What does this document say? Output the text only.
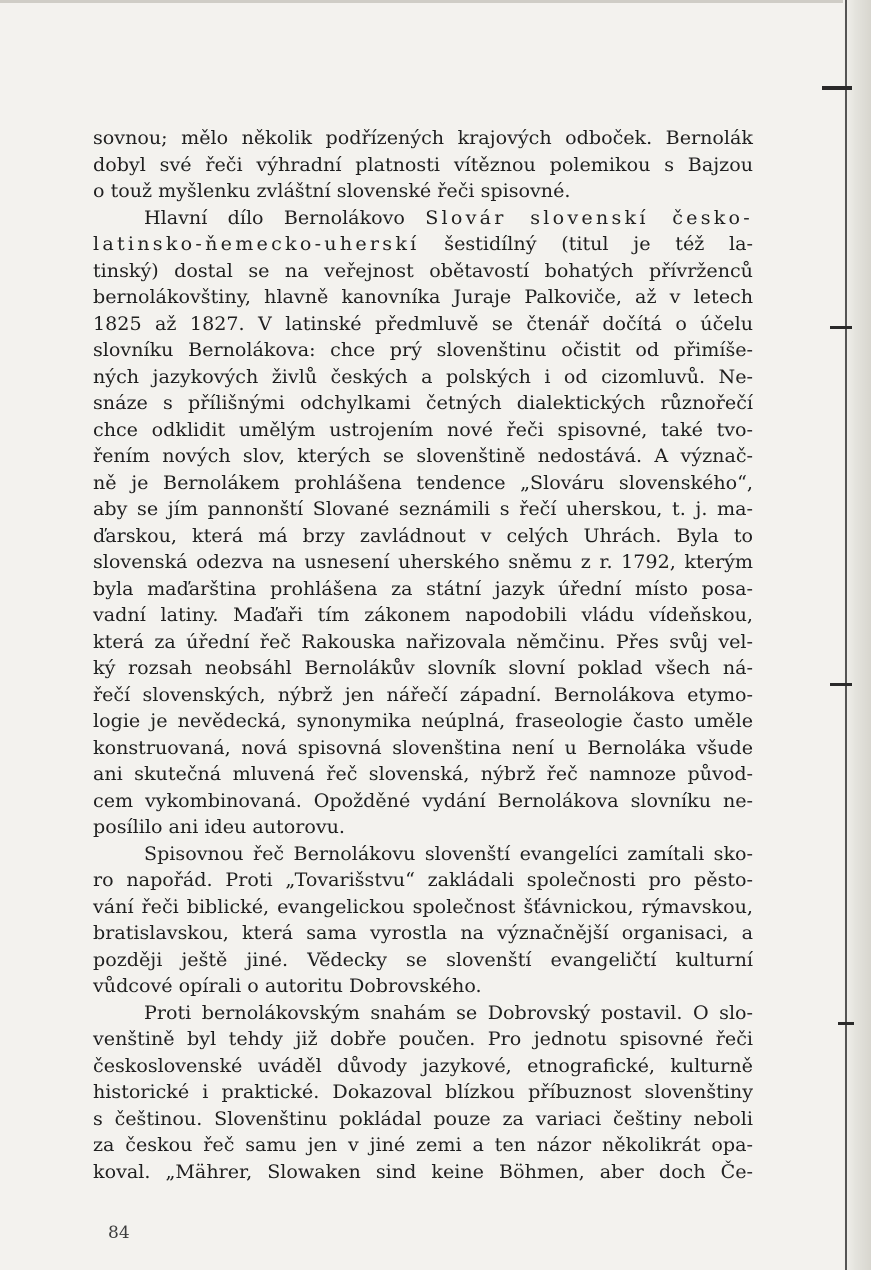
sovnou; mělo několik podřízených krajových odboček. Bernolák
dobyl své řeči výhradní platnosti vítěznou polemikou s Bajzou
o touž myšlenku zvláštní slovenské řeči spisovné.
Hlavní dílo Bernolákovo Slovár slovenskí česko-
latinsko-ňemecko-uherskí šestidílný (titul je též la-
tinský) dostal se na veřejnost obětavostí bohatých přívrženců
bernolákovštiny, hlavně kanovníka Juraje Palkoviče, až v letech
1825 až 1827. V latinské předmluvě se čtenář dočítá o účelu
slovníku Bernolákova: chce prý slovenštinu očistit od přimíše-
ných jazykových živlů českých a polských i od cizomluvů. Ne-
snáze s přílišnými odchylkami četných dialektických různořečí
chce odklidit umělým ustrojením nové řeči spisovné, také tvo-
řením nových slov, kterých se slovenštině nedostává. A význač-
ně je Bernolákem prohlášena tendence „Slováru slovenského“,
aby se jím pannonští Slované seznámili s řečí uherskou, t. j. ma-
ďarskou, která má brzy zavládnout v celých Uhrách. Byla to
slovenská odezva na usnesení uherského sněmu z r. 1792, kterým
byla maďarština prohlášena za státní jazyk úřední místo posa-
vadní latiny. Maďaři tím zákonem napodobili vládu vídeňskou,
která za úřední řeč Rakouska nařizovala němčinu. Přes svůj vel-
ký rozsah neobsáhl Bernolákův slovník slovní poklad všech ná-
řečí slovenských, nýbrž jen nářečí západní. Bernolákova etymo-
logie je nevědecká, synonymika neúplná, fraseologie často uměle
konstruovaná, nová spisovná slovenština není u Bernoláka všude
ani skutečná mluvená řeč slovenská, nýbrž řeč namnoze původ-
cem vykombinovaná. Opožděné vydání Bernolákova slovníku ne-
posílilo ani ideu autorovu.
Spisovnou řeč Bernolákovu slovenští evangelíci zamítali sko-
ro napořád. Proti „Tovarišstvu“ zakládali společnosti pro pěsto-
vání řeči biblické, evangelickou společnost šťávnickou, rýmavskou,
bratislavskou, která sama vyrostla na význačnější organisaci, a
později ještě jiné. Vědecky se slovenští evangeličtí kulturní
vůdcové opírali o autoritu Dobrovského.
Proti bernolákovským snahám se Dobrovský postavil. O slo-
venštině byl tehdy již dobře poučen. Pro jednotu spisovné řeči
československé uváděl důvody jazykové, etnografické, kulturně
historické i praktické. Dokazoval blízkou příbuznost slovenštiny
s češtinou. Slovenštinu pokládal pouze za variaci češtiny neboli
za českou řeč samu jen v jiné zemi a ten názor několikrát opa-
koval. „Mährer, Slowaken sind keine Böhmen, aber doch Če-
84
